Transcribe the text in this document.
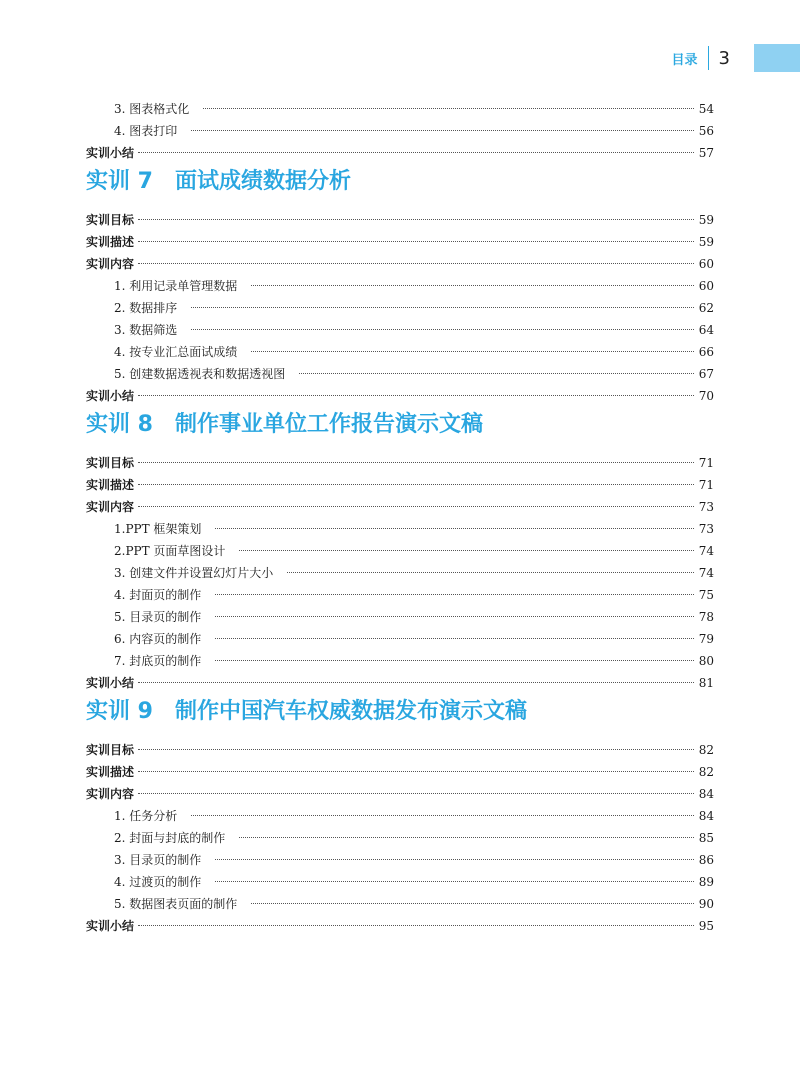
目录 3
3. 图表格式化	54
4. 图表打印	56
实训小结	57
实训 7 面试成绩数据分析
实训目标	59
实训描述	59
实训内容	60
1. 利用记录单管理数据	60
2. 数据排序	62
3. 数据筛选	64
4. 按专业汇总面试成绩	66
5. 创建数据透视表和数据透视图	67
实训小结	70
实训 8 制作事业单位工作报告演示文稿
实训目标	71
实训描述	71
实训内容	73
1.PPT 框架策划	73
2.PPT 页面草图设计	74
3. 创建文件并设置幻灯片大小	74
4. 封面页的制作	75
5. 目录页的制作	78
6. 内容页的制作	79
7. 封底页的制作	80
实训小结	81
实训 9 制作中国汽车权威数据发布演示文稿
实训目标	82
实训描述	82
实训内容	84
1. 任务分析	84
2. 封面与封底的制作	85
3. 目录页的制作	86
4. 过渡页的制作	89
5. 数据图表页面的制作	90
实训小结	95
